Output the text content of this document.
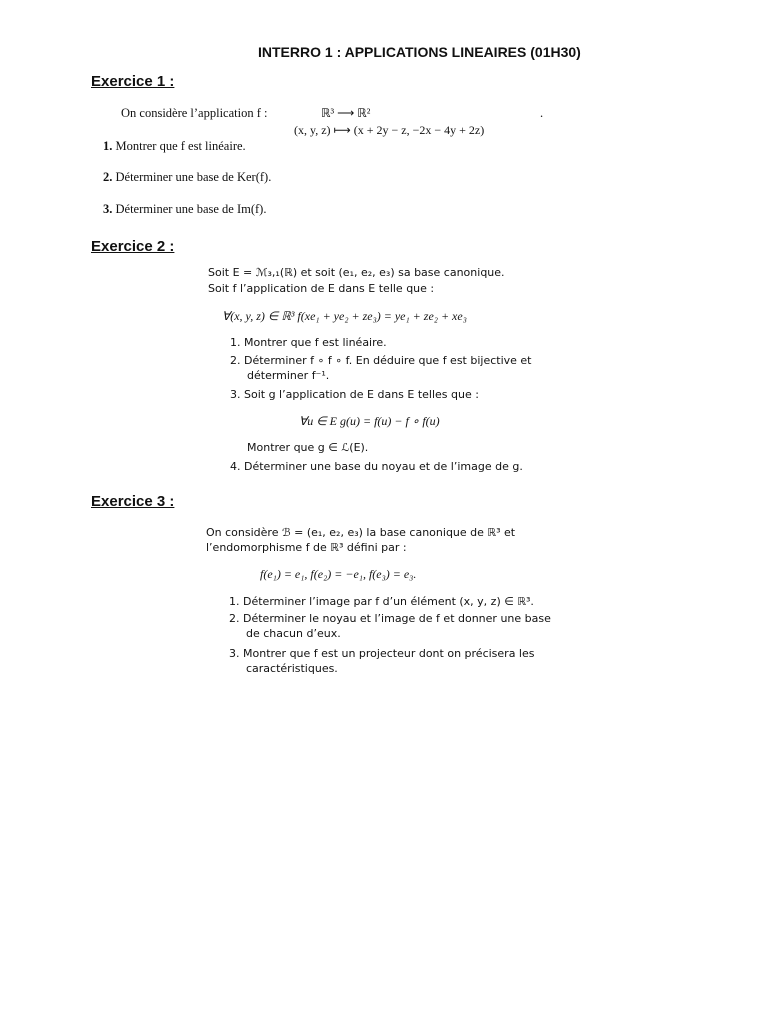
INTERRO 1 : APPLICATIONS LINEAIRES (01H30)
Exercice 1 :
On considère l’application f :	ℝ³ ⟶ ℝ²
(x, y, z) ⟼ (x + 2y − z, −2x − 4y + 2z)
.
1. Montrer que f est linéaire.
2. Déterminer une base de Ker(f).
3. Déterminer une base de Im(f).
Exercice 2 :
Soit E = ℳ₃,₁(ℝ) et soit (e₁, e₂, e₃) sa base canonique.
Soit f l’application de E dans E telle que :
∀(x, y, z) ∈ ℝ³ f(xe₁ + ye₂ + ze₃) = ye₁ + ze₂ + xe₃
1. Montrer que f est linéaire.
2. Déterminer f ∘ f ∘ f. En déduire que f est bijective et
déterminer f⁻¹.
3. Soit g l’application de E dans E telles que :
∀u ∈ E g(u) = f(u) − f ∘ f(u)
Montrer que g ∈ ℒ(E).
4. Déterminer une base du noyau et de l’image de g.
Exercice 3 :
On considère ℬ = (e₁, e₂, e₃) la base canonique de ℝ³ et
l’endomorphisme f de ℝ³ défini par :
f(e₁) = e₁, f(e₂) = −e₁, f(e₃) = e₃.
1. Déterminer l’image par f d’un élément (x, y, z) ∈ ℝ³.
2. Déterminer le noyau et l’image de f et donner une base
de chacun d’eux.
3. Montrer que f est un projecteur dont on précisera les
caractéristiques.
